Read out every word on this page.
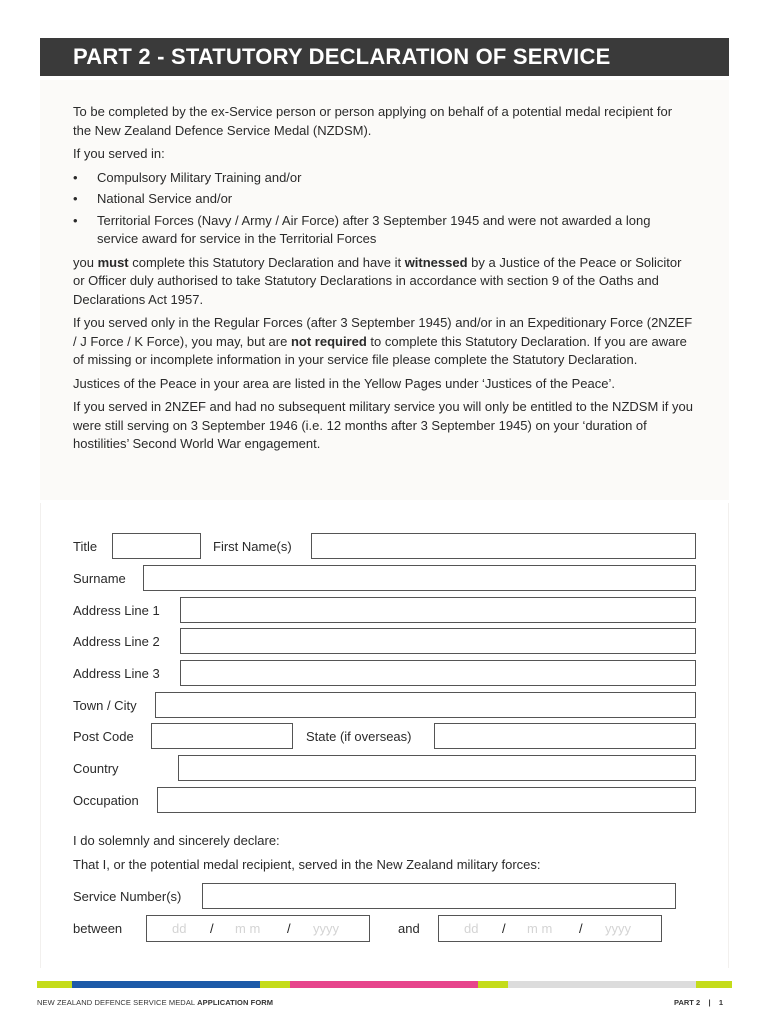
PART 2 - STATUTORY DECLARATION OF SERVICE

To be completed by the ex-Service person or person applying on behalf of a potential medal recipient for the New Zealand Defence Service Medal (NZDSM).

If you served in:

• Compulsory Military Training and/or
• National Service and/or
• Territorial Forces (Navy / Army / Air Force) after 3 September 1945 and were not awarded a long service award for service in the Territorial Forces

you must complete this Statutory Declaration and have it witnessed by a Justice of the Peace or Solicitor or Officer duly authorised to take Statutory Declarations in accordance with section 9 of the Oaths and Declarations Act 1957.

If you served only in the Regular Forces (after 3 September 1945) and/or in an Expeditionary Force (2NZEF / J Force / K Force), you may, but are not required to complete this Statutory Declaration. If you are aware of missing or incomplete information in your service file please complete the Statutory Declaration.

Justices of the Peace in your area are listed in the Yellow Pages under ‘Justices of the Peace’.

If you served in 2NZEF and had no subsequent military service you will only be entitled to the NZDSM if you were still serving on 3 September 1946 (i.e. 12 months after 3 September 1945) on your ‘duration of hostilities’ Second World War engagement.

Title	First Name(s)
Surname
Address Line 1
Address Line 2
Address Line 3
Town / City
Post Code	State (if overseas)
Country
Occupation
I do solemnly and sincerely declare:
That I, or the potential medal recipient, served in the New Zealand military forces:
Service Number(s)
between	dd / m m / yyyy	and	dd / m m / yyyy
NEW ZEALAND DEFENCE SERVICE MEDAL APPLICATION FORM	PART 2    |    1
